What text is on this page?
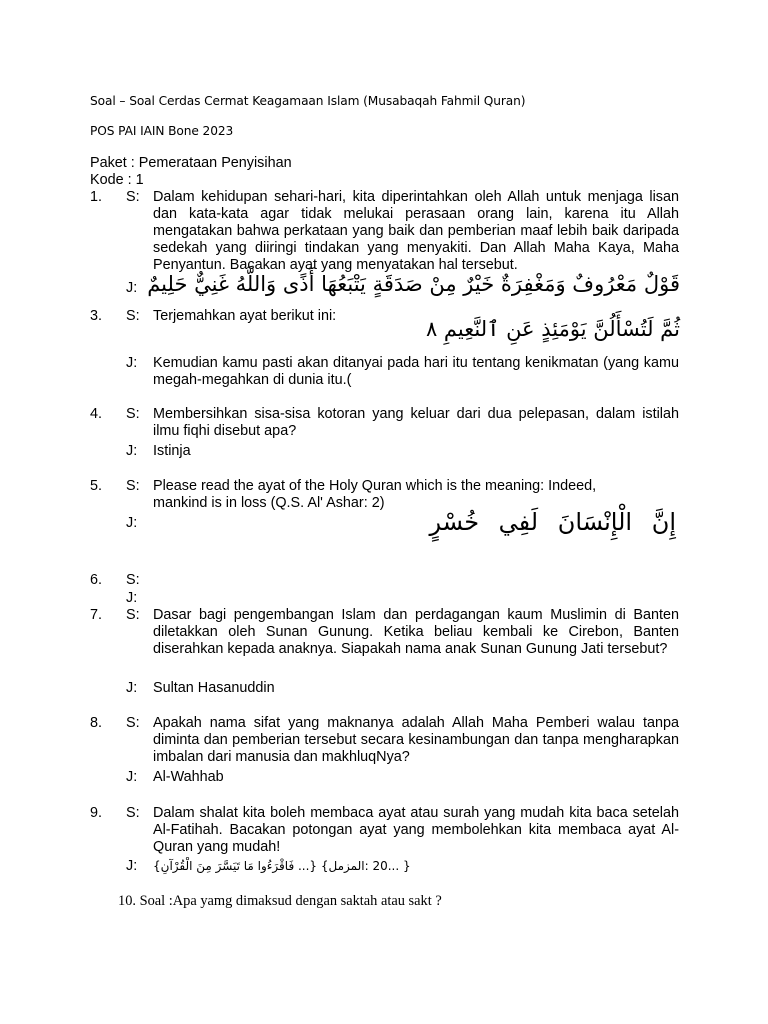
Soal – Soal Cerdas Cermat Keagamaan Islam (Musabaqah Fahmil Quran)
POS PAI IAIN Bone 2023
Paket : Pemerataan Penyisihan
Kode : 1
1. S: Dalam kehidupan sehari-hari, kita diperintahkan oleh Allah untuk menjaga lisan dan kata-kata agar tidak melukai perasaan orang lain, karena itu Allah mengatakan bahwa perkataan yang baik dan pemberian maaf lebih baik daripada sedekah yang diiringi tindakan yang menyakiti. Dan Allah Maha Kaya, Maha Penyantun. Bacakan ayat yang menyatakan hal tersebut.
J: قَوْلٌ مَعْرُوفٌ وَمَغْفِرَةٌ خَيْرٌ مِنْ صَدَقَةٍ يَتْبَعُهَا أَذًى وَاللَّهُ غَنِيٌّ حَلِيمٌ
3. S: Terjemahkan ayat berikut ini:
ثُمَّ لَتُسْأَلُنَّ يَوْمَئِذٍ عَنِ ٱلنَّعِيمِ ٨
J: Kemudian kamu pasti akan ditanyai pada hari itu tentang kenikmatan (yang kamu megah-megahkan di dunia itu.(
4. S: Membersihkan sisa-sisa kotoran yang keluar dari dua pelepasan, dalam istilah ilmu fiqhi disebut apa?
J: Istinja
5. S: Please read the ayat of the Holy Quran which is the meaning: Indeed, mankind is in loss (Q.S. Al' Ashar: 2)
J:	إِنَّ الْإِنْسَانَ لَفِي خُسْرٍ
6. S:
J:
7. S: Dasar bagi pengembangan Islam dan perdagangan kaum Muslimin di Banten diletakkan oleh Sunan Gunung. Ketika beliau kembali ke Cirebon, Banten diserahkan kepada anaknya. Siapakah nama anak Sunan Gunung Jati tersebut?
J: Sultan Hasanuddin
8. S: Apakah nama sifat yang maknanya adalah Allah Maha Pemberi walau tanpa diminta dan pemberian tersebut secara kesinambungan dan tanpa mengharapkan imbalan dari manusia dan makhluqNya?
J: Al-Wahhab
9. S: Dalam shalat kita boleh membaca ayat atau surah yang mudah kita baca setelah Al-Fatihah. Bacakan potongan ayat yang membolehkan kita membaca ayat Al-Quran yang mudah!
J: { ...20 :المزمل} {... فَاقْرَءُوا مَا تَيَسَّرَ مِنَ الْقُرْآنِ}
10. Soal :Apa yamg dimaksud dengan saktah atau sakt ?
